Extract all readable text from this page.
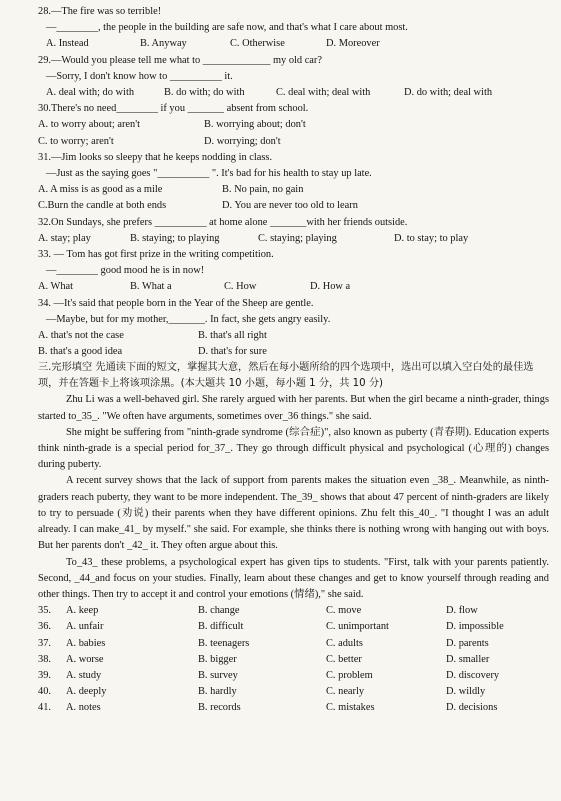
28.—The fire was so terrible!
—________, the people in the building are safe now, and that's what I care about most.
A. Instead	B. Anyway	C. Otherwise	D. Moreover
29.—Would you please tell me what to _____________ my old car?
—Sorry, I don't know how to __________ it.
A. deal with; do with	B. do with; do with	C. deal with; deal with	D. do with; deal with
30.There's no need________ if you _______ absent from school.
A. to worry about; aren't	B. worrying about; don't
C. to worry; aren't	D. worrying; don't
31.—Jim looks so sleepy that he keeps nodding in class.
—Just as the saying goes "__________ ". It's bad for his health to stay up late.
A. A miss is as good as a mile	B. No pain, no gain
C.Burn the candle at both ends	D. You are never too old to learn
32.On Sundays, she prefers __________ at home alone _______with her friends outside.
A. stay; play	B. staying; to playing	C. staying; playing	D. to stay; to play
33. — Tom has got first prize in the writing competition.
—________ good mood he is in now!
A. What	B. What a	C. How	D. How a
34. —It's said that people born in the Year of the Sheep are gentle.
—Maybe, but for my mother,_______. In fact, she gets angry easily.
A. that's not the case	B. that's all right
B. that's a good idea	D. that's for sure
三.完形填空 先通读下面的短文，掌握其大意，然后在每小题所给的四个选项中，选出可以填入空白处的最佳选项，并在答题卡上将该项涂黑。(本大题共 10 小题，每小题 1 分，共 10 分)
Zhu Li was a well-behaved girl. She rarely argued with her parents. But when the girl became a ninth-grader, things started to_35_. "We often have arguments, sometimes over_36 things." she said.
She might be suffering from "ninth-grade syndrome (综合症)", also known as puberty (青春期). Education experts think ninth-grade is a special period for_37_. They go through difficult physical and psychological (心理的) changes during puberty.
A recent survey shows that the lack of support from parents makes the situation even _38_. Meanwhile, as ninth-graders reach puberty, they want to be more independent. The_39_ shows that about 47 percent of ninth-graders are likely to try to persuade (劝说) their parents when they have different opinions. Zhu felt this_40_. "I thought I was an adult already. I can make_41_ by myself." she said. For example, she thinks there is nothing wrong with hanging out with boys. But her parents don't _42_ it. They often argue about this.
To_43_ these problems, a psychological expert has given tips to students. "First, talk with your parents patiently. Second, _44_and focus on your studies. Finally, learn about these changes and get to know yourself through reading and other things. Then try to accept it and control your emotions (情绪)," she said.
35.	A. keep	B. change	C. move	D. flow
36.	A. unfair	B. difficult	C. unimportant	D. impossible
37.	A. babies	B. teenagers	C. adults	D. parents
38.	A. worse	B. bigger	C. better	D. smaller
39.	A. study	B. survey	C. problem	D. discovery
40.	A. deeply	B. hardly	C. nearly	D. wildly
41.	A. notes	B. records	C. mistakes	D. decisions
